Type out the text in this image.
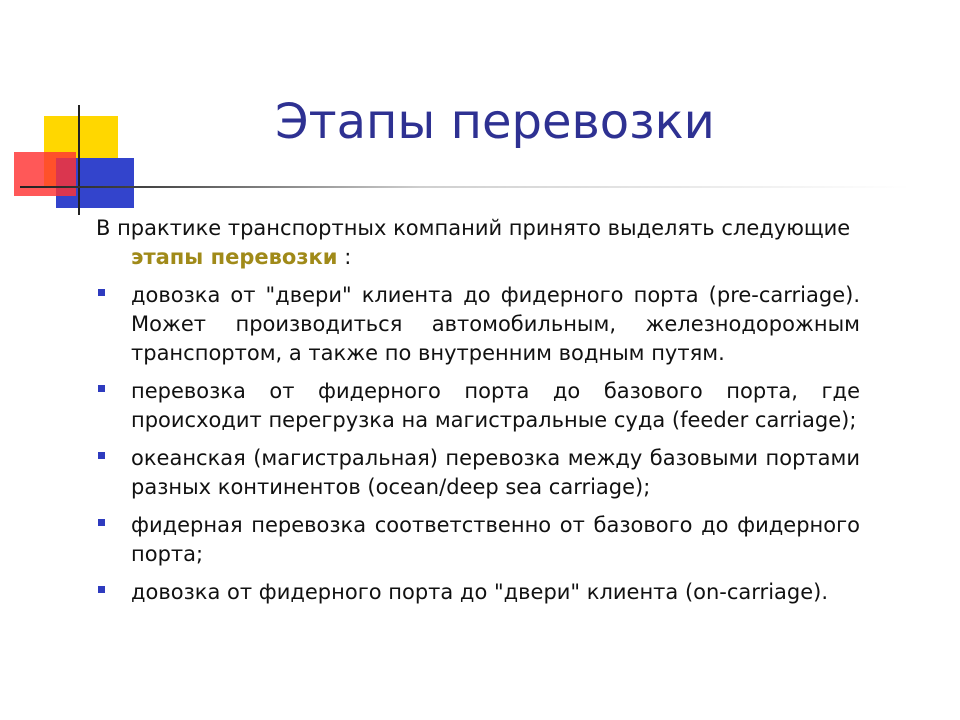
Этапы перевозки

В практике транспортных компаний принято выделять следующие этапы перевозки :

довозка от "двери" клиента до фидерного порта (pre-carriage). Может производиться автомобильным, железнодорожным транспортом, а также по внутренним водным путям.
перевозка от фидерного порта до базового порта, где происходит перегрузка на магистральные суда (feeder carriage);
океанская (магистральная) перевозка между базовыми портами разных континентов (ocean/deep sea carriage);
фидерная перевозка соответственно от базового до фидерного порта;
довозка от фидерного порта до "двери" клиента (on-carriage).
